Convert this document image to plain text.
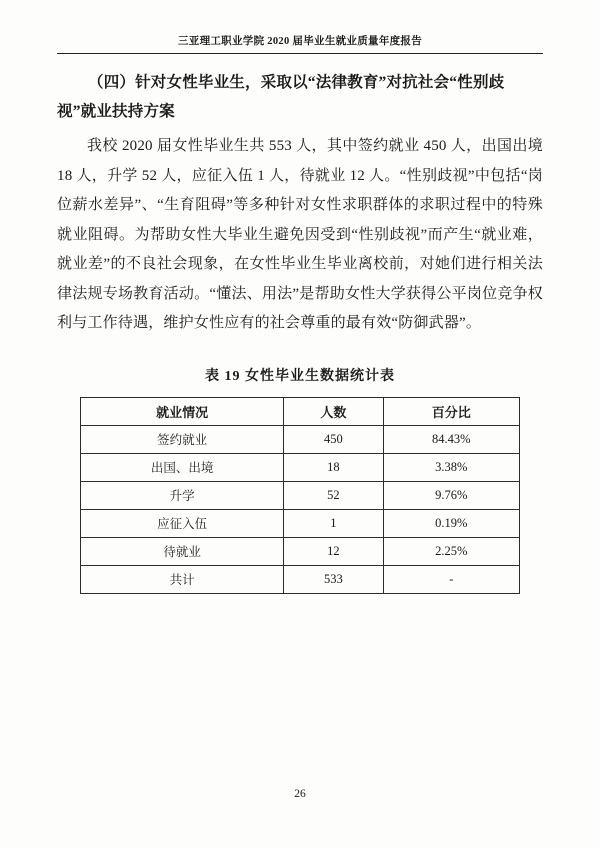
三亚理工职业学院 2020 届毕业生就业质量年度报告
（四）针对女性毕业生，采取以“法律教育”对抗社会“性别歧视”就业扶持方案

我校 2020 届女性毕业生共 553 人，其中签约就业 450 人，出国出境 18 人，升学 52 人，应征入伍 1 人，待就业 12 人。“性别歧视”中包括“岗位薪水差异”、“生育阻碍”等多种针对女性求职群体的求职过程中的特殊就业阻碍。为帮助女性大毕业生避免因受到“性别歧视”而产生“就业难，就业差”的不良社会现象，在女性毕业生毕业离校前，对她们进行相关法律法规专场教育活动。“懂法、用法”是帮助女性大学获得公平岗位竞争权利与工作待遇，维护女性应有的社会尊重的最有效“防御武器”。

表 19 女性毕业生数据统计表
就业情况	人数	百分比
签约就业	450	84.43%
出国、出境	18	3.38%
升学	52	9.76%
应征入伍	1	0.19%
待就业	12	2.25%
共计	533	-
26
